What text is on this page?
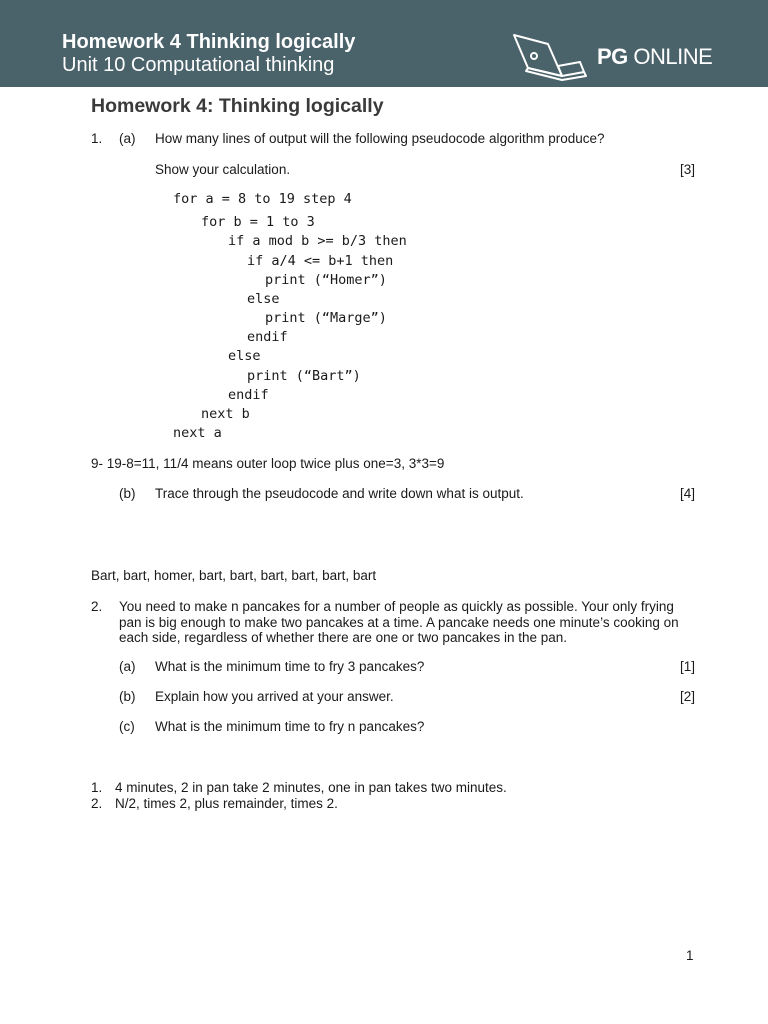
Homework 4 Thinking logically
Unit 10 Computational thinking	PG ONLINE
Homework 4: Thinking logically
1. (a) How many lines of output will the following pseudocode algorithm produce?
Show your calculation.	[3]
for a = 8 to 19 step 4
for b = 1 to 3
if a mod b >= b/3 then
if a/4 <= b+1 then
print (“Homer”)
else
print (“Marge”)
endif
else
print (“Bart”)
endif
next b
next a
9- 19-8=11, 11/4 means outer loop twice plus one=3, 3*3=9
(b) Trace through the pseudocode and write down what is output.	[4]
Bart, bart, homer, bart, bart, bart, bart, bart, bart
2. You need to make n pancakes for a number of people as quickly as possible. Your only frying pan is big enough to make two pancakes at a time. A pancake needs one minute’s cooking on each side, regardless of whether there are one or two pancakes in the pan.
(a) What is the minimum time to fry 3 pancakes?	[1]
(b) Explain how you arrived at your answer.	[2]
(c) What is the minimum time to fry n pancakes?
1. 4 minutes, 2 in pan take 2 minutes, one in pan takes two minutes.
2. N/2, times 2, plus remainder, times 2.
1
